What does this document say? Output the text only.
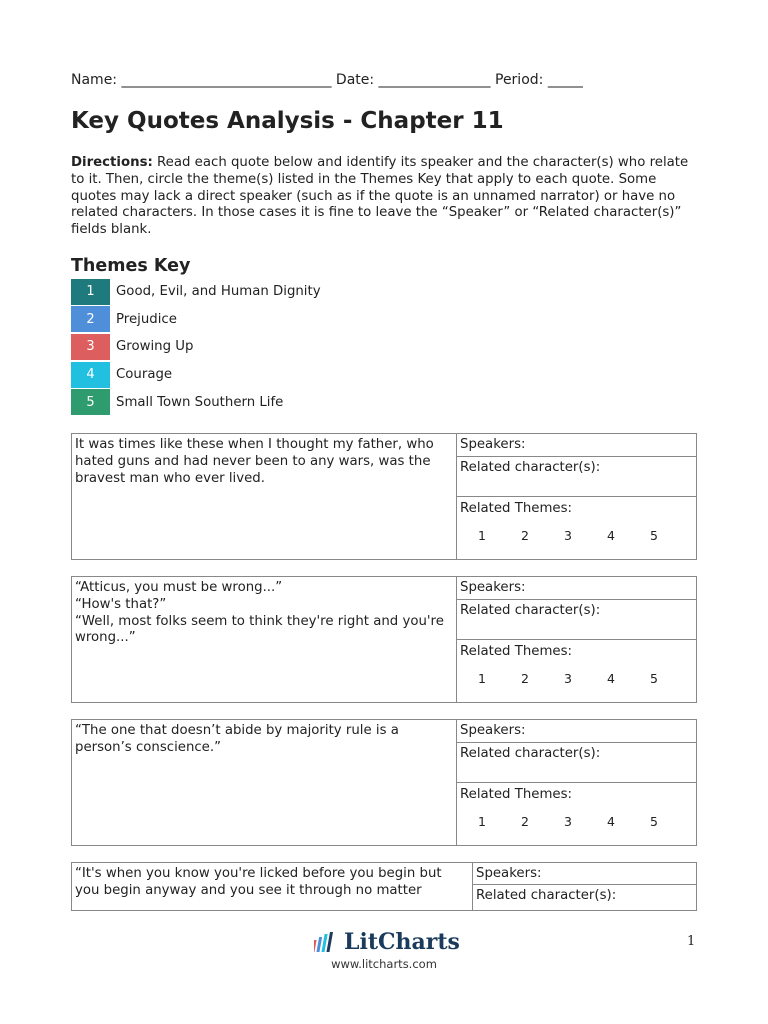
Name: ______________________________ Date: ________________ Period: _____
Key Quotes Analysis - Chapter 11
Directions: Read each quote below and identify its speaker and the character(s) who relate to it. Then, circle the theme(s) listed in the Themes Key that apply to each quote. Some quotes may lack a direct speaker (such as if the quote is an unnamed narrator) or have no related characters. In those cases it is fine to leave the “Speaker” or “Related character(s)” fields blank.
Themes Key
1	Good, Evil, and Human Dignity
2	Prejudice
3	Growing Up
4	Courage
5	Small Town Southern Life
It was times like these when I thought my father, who hated guns and had never been to any wars, was the bravest man who ever lived.
Speakers:
Related character(s):
Related Themes:
1	2	3	4	5
“Atticus, you must be wrong...”
“How's that?”
“Well, most folks seem to think they're right and you're wrong...”
Speakers:
Related character(s):
Related Themes:
1	2	3	4	5
“The one that doesn’t abide by majority rule is a person’s conscience.”
Speakers:
Related character(s):
Related Themes:
1	2	3	4	5
“It's when you know you're licked before you begin but you begin anyway and you see it through no matter
Speakers:
Related character(s):
LitCharts
www.litcharts.com
1
